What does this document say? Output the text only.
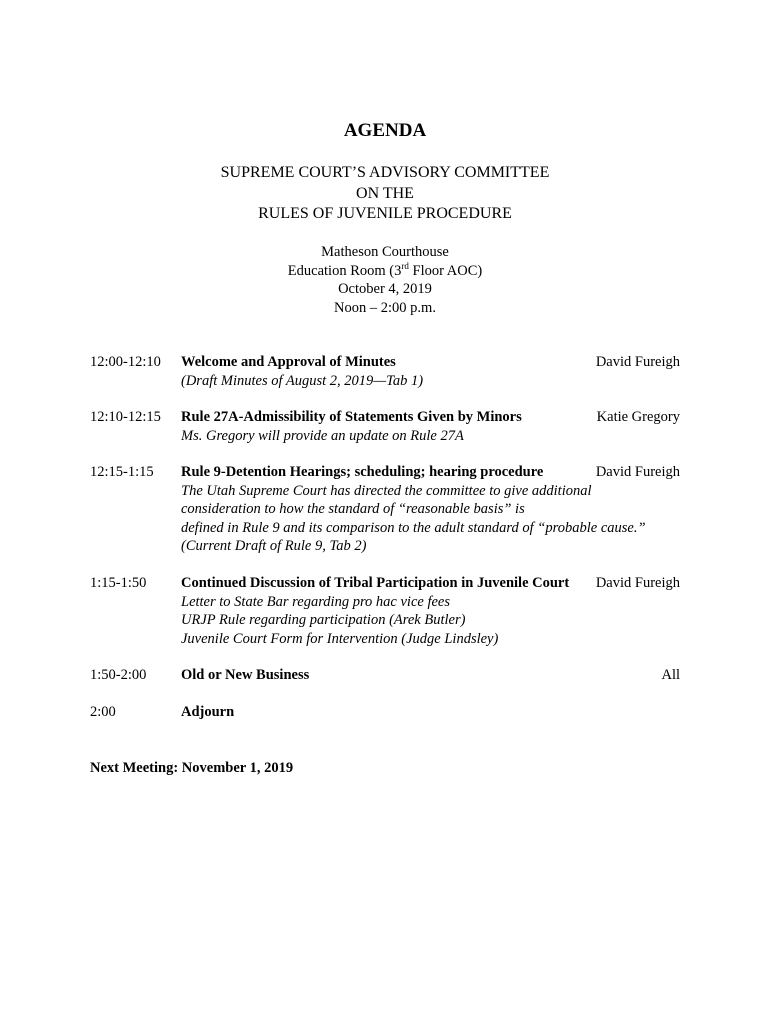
AGENDA
SUPREME COURT’S ADVISORY COMMITTEE
ON THE
RULES OF JUVENILE PROCEDURE
Matheson Courthouse
Education Room (3rd Floor AOC)
October 4, 2019
Noon – 2:00 p.m.
12:00-12:10 Welcome and Approval of Minutes
(Draft Minutes of August 2, 2019—Tab 1)
David Fureigh
12:10-12:15 Rule 27A-Admissibility of Statements Given by Minors
Ms. Gregory will provide an update on Rule 27A
Katie Gregory
12:15-1:15 Rule 9-Detention Hearings; scheduling; hearing procedure
The Utah Supreme Court has directed the committee to give additional
consideration to how the standard of “reasonable basis” is
defined in Rule 9 and its comparison to the adult standard of “probable cause.”
(Current Draft of Rule 9, Tab 2)
David Fureigh
1:15-1:50 Continued Discussion of Tribal Participation in Juvenile Court
Letter to State Bar regarding pro hac vice fees
URJP Rule regarding participation (Arek Butler)
Juvenile Court Form for Intervention (Judge Lindsley)
David Fureigh
1:50-2:00 Old or New Business	All
2:00	Adjourn
Next Meeting: November 1, 2019
